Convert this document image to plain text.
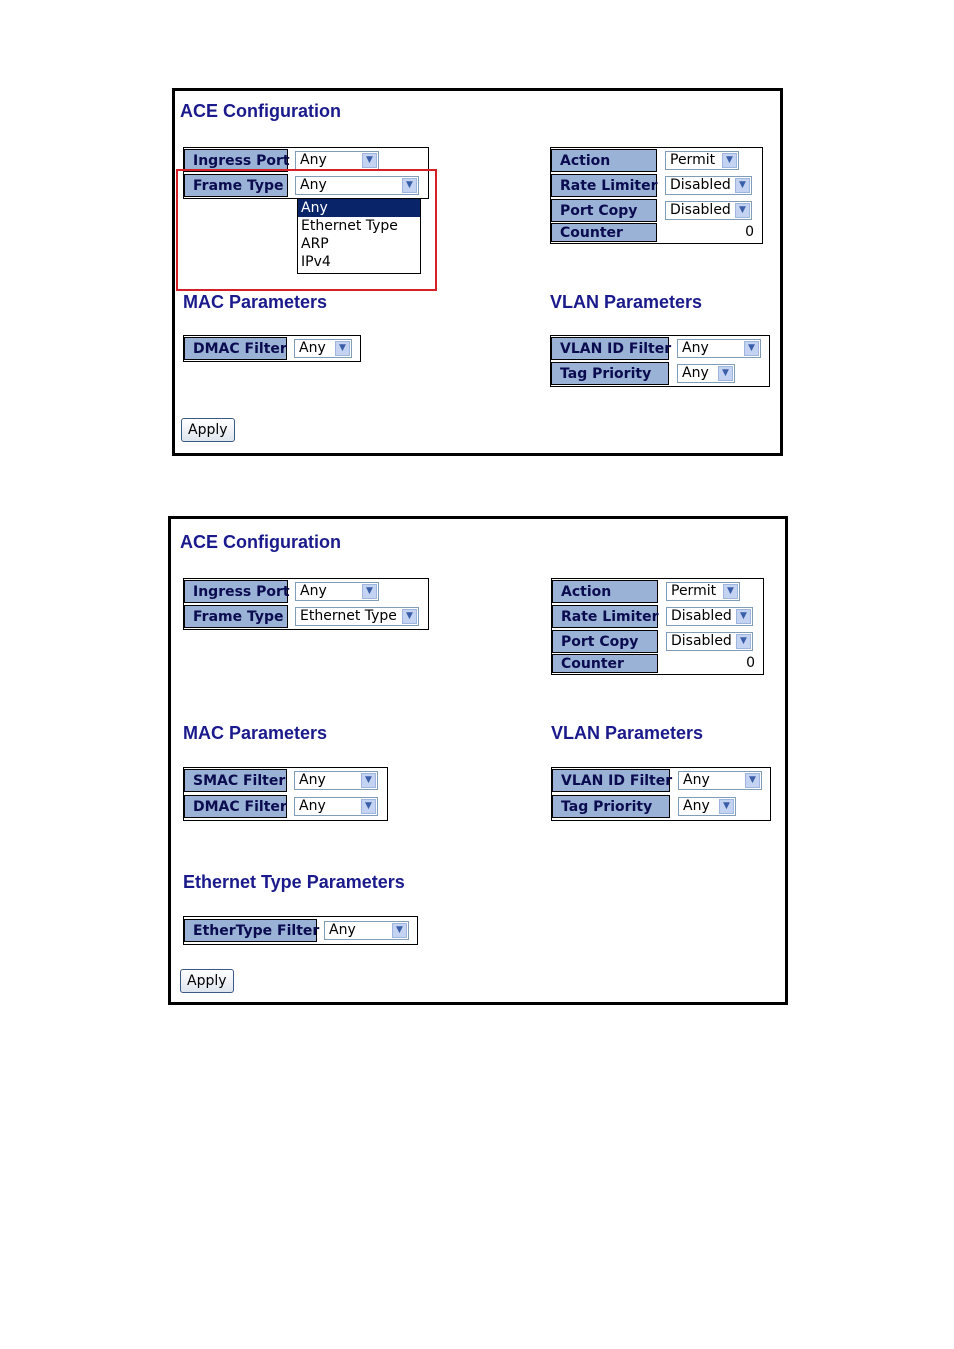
ACE Configuration
Ingress Port Any	▼
Frame Type	Any	▼
Any
Ethernet Type
ARP
IPv4
Action	Permit	▼
Rate Limiter Disabled ▼
Port Copy	Disabled ▼
Counter	0
MAC Parameters	VLAN Parameters
DMAC Filter Any	▼	VLAN ID Filter Any	▼
Tag Priority	Any	▼
Apply
ACE Configuration
Ingress Port Any	▼
Frame Type	Ethernet Type	▼
Action	Permit	▼
Rate Limiter Disabled ▼
Port Copy	Disabled ▼
Counter	0
MAC Parameters	VLAN Parameters
SMAC Filter Any	▼
DMAC Filter Any	▼
VLAN ID Filter Any	▼
Tag Priority	Any	▼
Ethernet Type Parameters
EtherType Filter Any	▼
Apply
